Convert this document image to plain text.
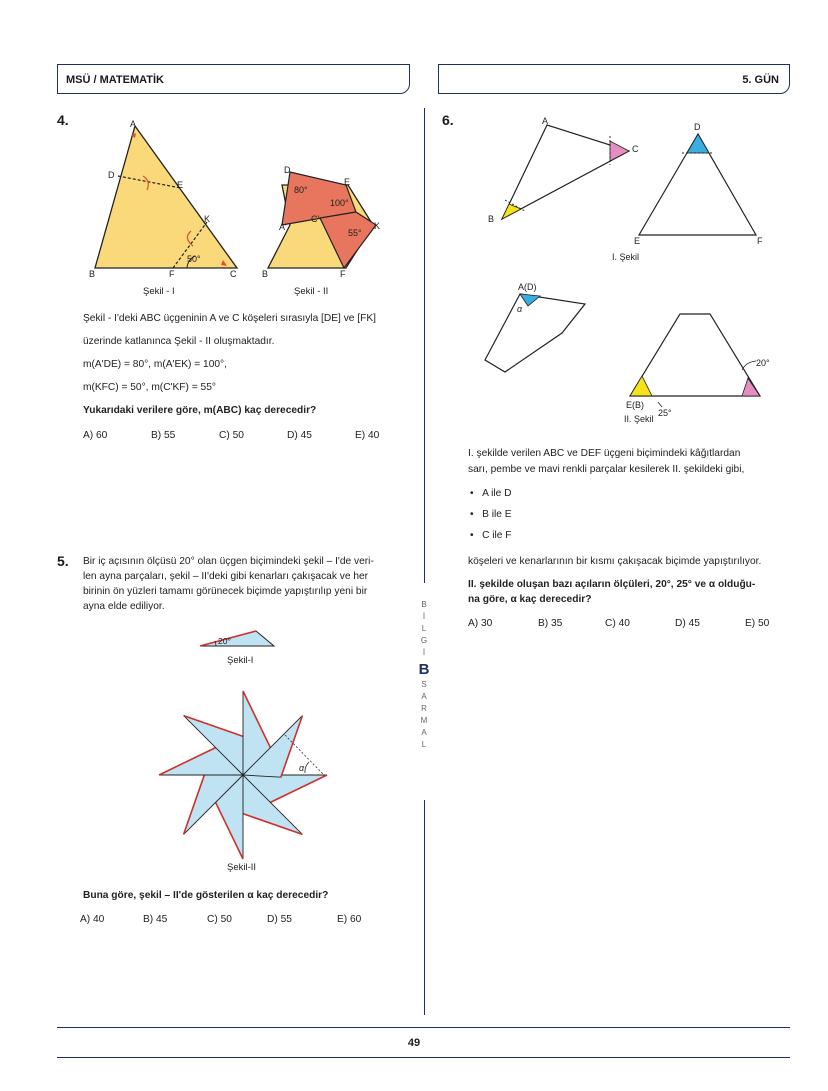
MSÜ / MATEMATİK	5. GÜN
B
İ
L
G
İ
B
S
A
R
M
A
L
4.	A
D
E
K
B	F	C
50°
Şekil - I
D
E
A'
C'
K
B	F
80°
100°
55°
Şekil - II
Şekil - I'deki ABC üçgeninin A ve C köşeleri sırasıyla [DE] ve [FK]
üzerinde katlanınca Şekil - II oluşmaktadır.
m(A'DE) = 80°, m(A'EK) = 100°,
m(KFC) = 50°, m(C'KF) = 55°
Yukarıdaki verilere göre, m(ABC) kaç derecedir?
A) 60	B) 55	C) 50	D) 45	E) 40
5. Bir iç açısının ölçüsü 20° olan üçgen biçimindeki şekil – I'de veri-
len ayna parçaları, şekil – II'deki gibi kenarları çakışacak ve her
birinin ön yüzleri tamamı görünecek biçimde yapıştırılıp yeni bir
ayna elde ediliyor.
20°
Şekil-I
α
Şekil-II
Buna göre, şekil – II'de gösterilen α kaç derecedir?
A) 40	B) 45	C) 50	D) 55	E) 60
6.	A
B
C
D
E	F
I. Şekil
A(D)
α
20°
E(B)
25°
II. Şekil
I. şekilde verilen ABC ve DEF üçgeni biçimindeki kâğıtlardan
sarı, pembe ve mavi renkli parçalar kesilerek II. şekildeki gibi,
•   A ile D
•   B ile E
•   C ile F
köşeleri ve kenarlarının bir kısmı çakışacak biçimde yapıştırılıyor.
II. şekilde oluşan bazı açıların ölçüleri, 20°, 25° ve α olduğu-
na göre, α kaç derecedir?
A) 30	B) 35	C) 40	D) 45	E) 50
49
